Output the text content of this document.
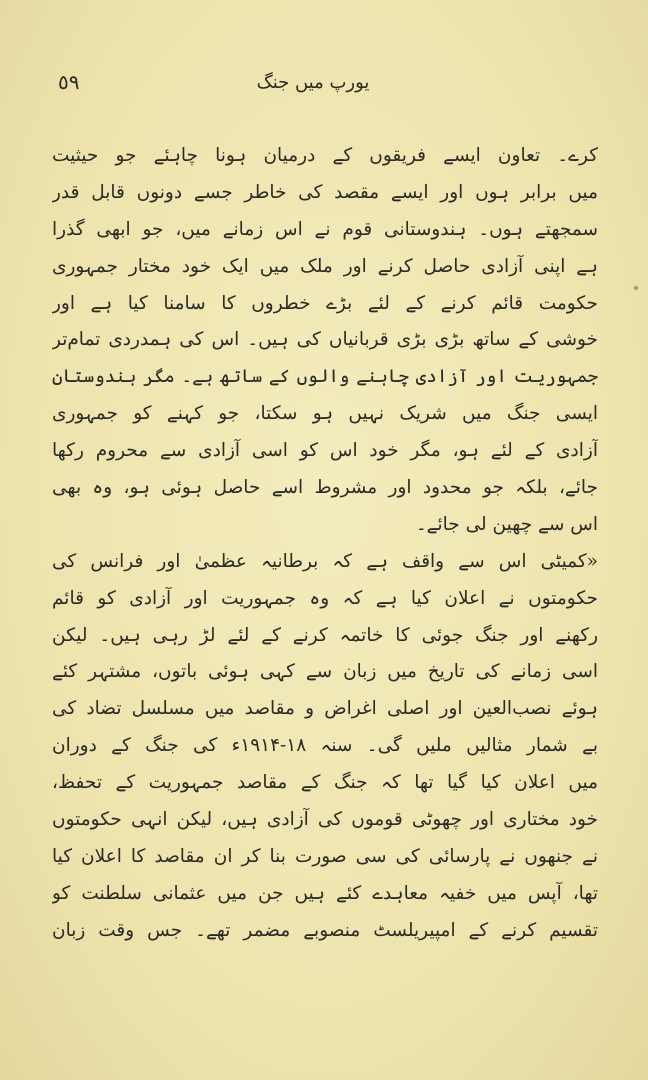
٥٩	یورپ میں جنگ
کرے۔ تعاون ایسے فریقوں کے درمیان ہونا چاہئے جو حیثیت
میں برابر ہوں اور ایسے مقصد کی خاطر جسے دونوں قابل قدر
سمجھتے ہوں۔ ہندوستانی قوم نے اس زمانے میں، جو ابھی گذرا
ہے اپنی آزادی حاصل کرنے اور ملک میں ایک خود مختار جمہوری
حکومت قائم کرنے کے لئے بڑے خطروں کا سامنا کیا ہے اور
خوشی کے ساتھ بڑی بڑی قربانیاں کی ہیں۔ اس کی ہمدردی تمام‌تر
جمہوریت اور آزادی چاہنے والوں کے ساتھ ہے۔ مگر ہندوستان
ایسی جنگ میں شریک نہیں ہو سکتا، جو کہنے کو جمہوری
آزادی کے لئے ہو، مگر خود اس کو اسی آزادی سے محروم رکھا
جائے، بلکہ جو محدود اور مشروط اسے حاصل ہوئی ہو، وہ بھی
اس سے چھین لی جائے۔
«کمیٹی اس سے واقف ہے کہ برطانیہ عظمیٰ اور فرانس کی
حکومتوں نے اعلان کیا ہے کہ وہ جمہوریت اور آزادی کو قائم
رکھنے اور جنگ جوئی کا خاتمہ کرنے کے لئے لڑ رہی ہیں۔ لیکن
اسی زمانے کی تاریخ میں زبان سے کہی ہوئی باتوں، مشتہر کئے
ہوئے نصب‌العین اور اصلی اغراض و مقاصد میں مسلسل تضاد کی
بے شمار مثالیں ملیں گی۔ سنہ ۱۸-۱۹۱۴ء کی جنگ کے دوران
میں اعلان کیا گیا تھا کہ جنگ کے مقاصد جمہوریت کے تحفظ،
خود مختاری اور چھوٹی قوموں کی آزادی ہیں، لیکن انہی حکومتوں
نے جنھوں نے پارسائی کی سی صورت بنا کر ان مقاصد کا اعلان کیا
تھا، آپس میں خفیہ معاہدے کئے ہیں جن میں عثمانی سلطنت کو
تقسیم کرنے کے امپیریلسٹ منصوبے مضمر تھے۔ جس وقت زبان
